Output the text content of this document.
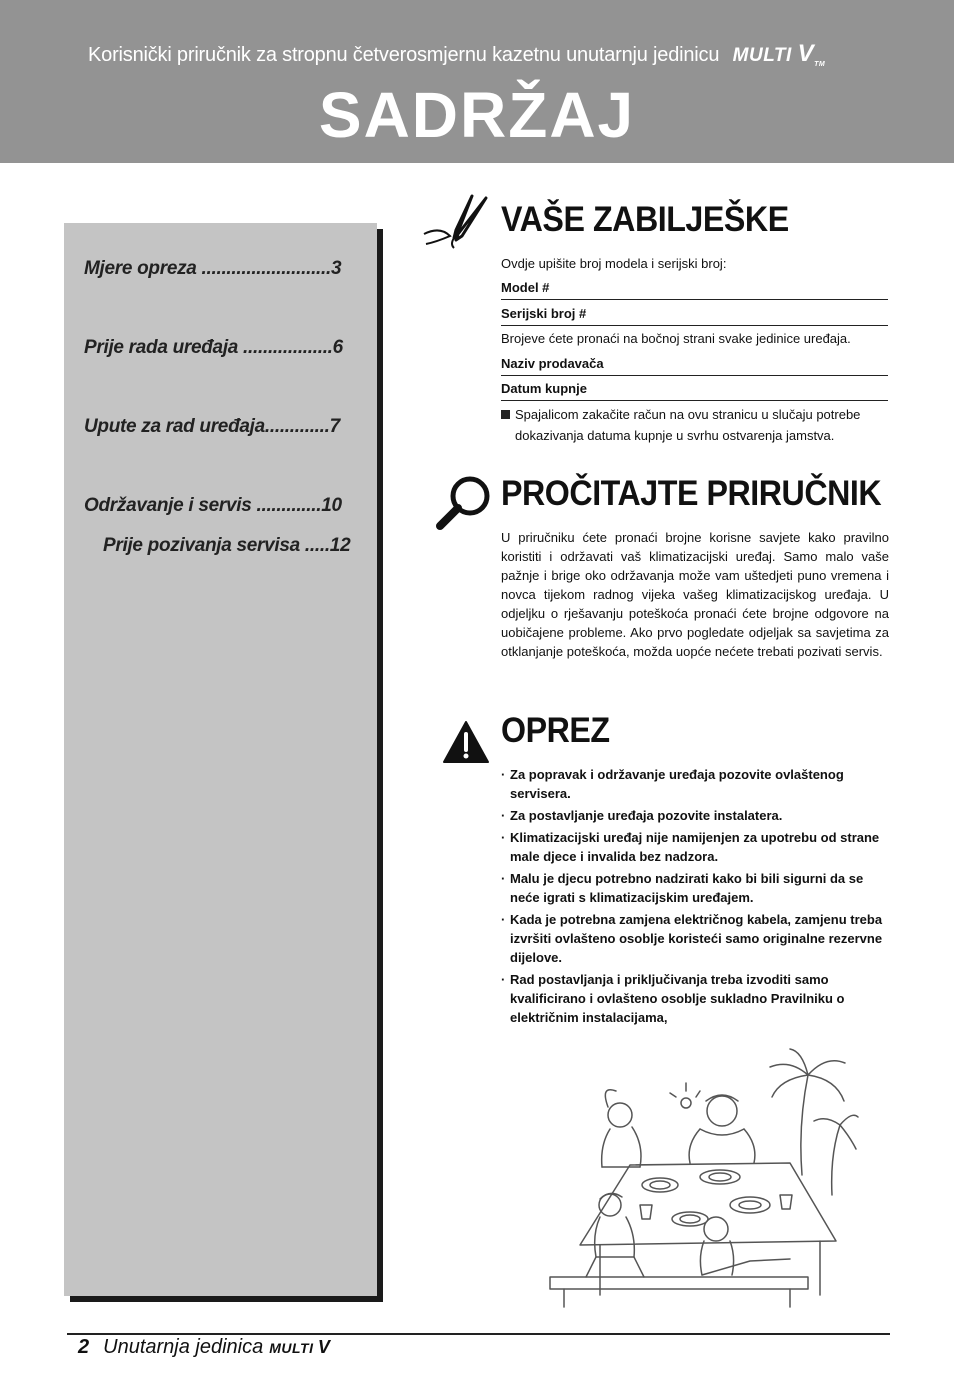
Korisnički priručnik za stropnu četverosmjernu kazetnu unutarnju jedinicu MULTI VTM
SADRŽAJ
Mjere opreza ..........................3
Prije rada uređaja ..................6
Upute za rad uređaja.............7
Održavanje i servis .............10
Prije pozivanja servisa .....12
VAŠE ZABILJEŠKE
Ovdje upišite broj modela i serijski broj:
Model #
Serijski broj #
Brojeve ćete pronaći na bočnoj strani svake jedinice uređaja.
Naziv prodavača
Datum kupnje
Spajalicom zakačite račun na ovu stranicu u slučaju potrebe
dokazivanja datuma kupnje u svrhu ostvarenja jamstva.
PROČITAJTE PRIRUČNIK
U priručniku ćete pronaći brojne korisne savjete kako pravilno koristiti i održavati vaš klimatizacijski uređaj. Samo malo vaše pažnje i brige oko održavanja može vam uštedjeti puno vremena i novca tijekom radnog vijeka vašeg klimatizacijskog uređaja. U odjeljku o rješavanju poteškoća pronaći ćete brojne odgovore na uobičajene probleme. Ako prvo pogledate odjeljak sa savjetima za otklanjanje poteškoća, možda uopće nećete trebati pozivati servis.
OPREZ
· Za popravak i održavanje uređaja pozovite ovlaštenog servisera.
· Za postavljanje uređaja pozovite instalatera.
· Klimatizacijski uređaj nije namijenjen za upotrebu od strane male djece i invalida bez nadzora.
· Malu je djecu potrebno nadzirati kako bi bili sigurni da se neće igrati s klimatizacijskim uređajem.
· Kada je potrebna zamjena električnog kabela, zamjenu treba izvršiti ovlašteno osoblje koristeći samo originalne rezervne dijelove.
· Rad postavljanja i priključivanja treba izvoditi samo kvalificirano i ovlašteno osoblje sukladno Pravilniku o električnim instalacijama,
2 Unutarnja jedinica MULTI V
